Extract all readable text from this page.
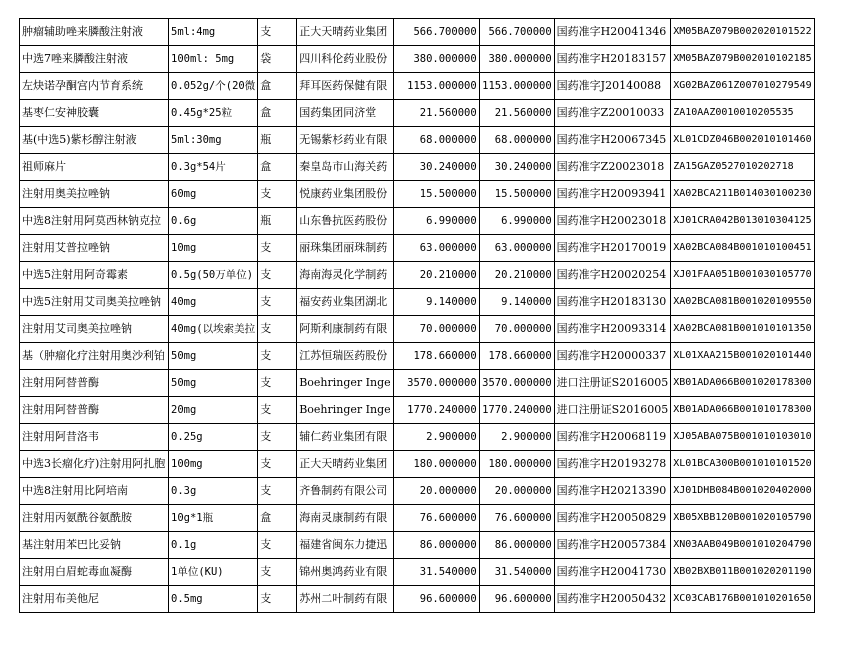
肿瘤辅助唑来膦酸注射液	5ml:4mg	支	正大天晴药业集团	566.700000	566.700000	国药准字H20041346	XM05BAZ079B002020101522
中选7唑来膦酸注射液	100ml: 5mg	袋	四川科伦药业股份	380.000000	380.000000	国药准字H20183157	XM05BAZ079B002010102185
左炔诺孕酮宫内节育系统	0.052g/个(20微	盒	拜耳医药保健有限	1153.000000	1153.000000	国药准字J20140088	XG02BAZ061Z007010279549
基枣仁安神胶囊	0.45g*25粒	盒	国药集团同济堂	21.560000	21.560000	国药准字Z20010033	ZA10AAZ0010010205535
基(中选5)紫杉醇注射液	5ml:30mg	瓶	无锡紫杉药业有限	68.000000	68.000000	国药准字H20067345	XL01CDZ046B002010101460
祖师麻片	0.3g*54片	盒	秦皇岛市山海关药	30.240000	30.240000	国药准字Z20023018	ZA15GAZ0527010202718
注射用奥美拉唑钠	60mg	支	悦康药业集团股份	15.500000	15.500000	国药准字H20093941	XA02BCA211B014030100230
中选8注射用阿莫西林钠克拉	0.6g	瓶	山东鲁抗医药股份	6.990000	6.990000	国药准字H20023018	XJ01CRA042B013010304125
注射用艾普拉唑钠	10mg	支	丽珠集团丽珠制药	63.000000	63.000000	国药准字H20170019	XA02BCA084B001010100451
中选5注射用阿奇霉素	0.5g(50万单位)	支	海南海灵化学制药	20.210000	20.210000	国药准字H20020254	XJ01FAA051B001030105770
中选5注射用艾司奥美拉唑钠	40mg	支	福安药业集团湖北	9.140000	9.140000	国药准字H20183130	XA02BCA081B001020109550
注射用艾司奥美拉唑钠	40mg(以埃索美拉	支	阿斯利康制药有限	70.000000	70.000000	国药准字H20093314	XA02BCA081B001010101350
基（肿瘤化疗注射用奥沙利铂	50mg	支	江苏恒瑞医药股份	178.660000	178.660000	国药准字H20000337	XL01XAA215B001020101440
注射用阿替普酶	50mg	支	Boehringer Inge	3570.000000	3570.000000	进口注册证S2016005	XB01ADA066B001020178300
注射用阿替普酶	20mg	支	Boehringer Inge	1770.240000	1770.240000	进口注册证S2016005	XB01ADA066B001010178300
注射用阿昔洛韦	0.25g	支	辅仁药业集团有限	2.900000	2.900000	国药准字H20068119	XJ05ABA075B001010103010
中选3长瘤化疗)注射用阿扎胞	100mg	支	正大天晴药业集团	180.000000	180.000000	国药准字H20193278	XL01BCA300B001010101520
中选8注射用比阿培南	0.3g	支	齐鲁制药有限公司	20.000000	20.000000	国药准字H20213390	XJ01DHB084B001020402000
注射用丙氨酰谷氨酰胺	10g*1瓶	盒	海南灵康制药有限	76.600000	76.600000	国药准字H20050829	XB05XBB120B001020105790
基注射用苯巴比妥钠	0.1g	支	福建省闽东力捷迅	86.000000	86.000000	国药准字H20057384	XN03AAB049B001010204790
注射用白眉蛇毒血凝酶	1单位(KU)	支	锦州奥鸿药业有限	31.540000	31.540000	国药准字H20041730	XB02BXB011B001020201190
注射用布美他尼	0.5mg	支	苏州二叶制药有限	96.600000	96.600000	国药准字H20050432	XC03CAB176B001010201650
